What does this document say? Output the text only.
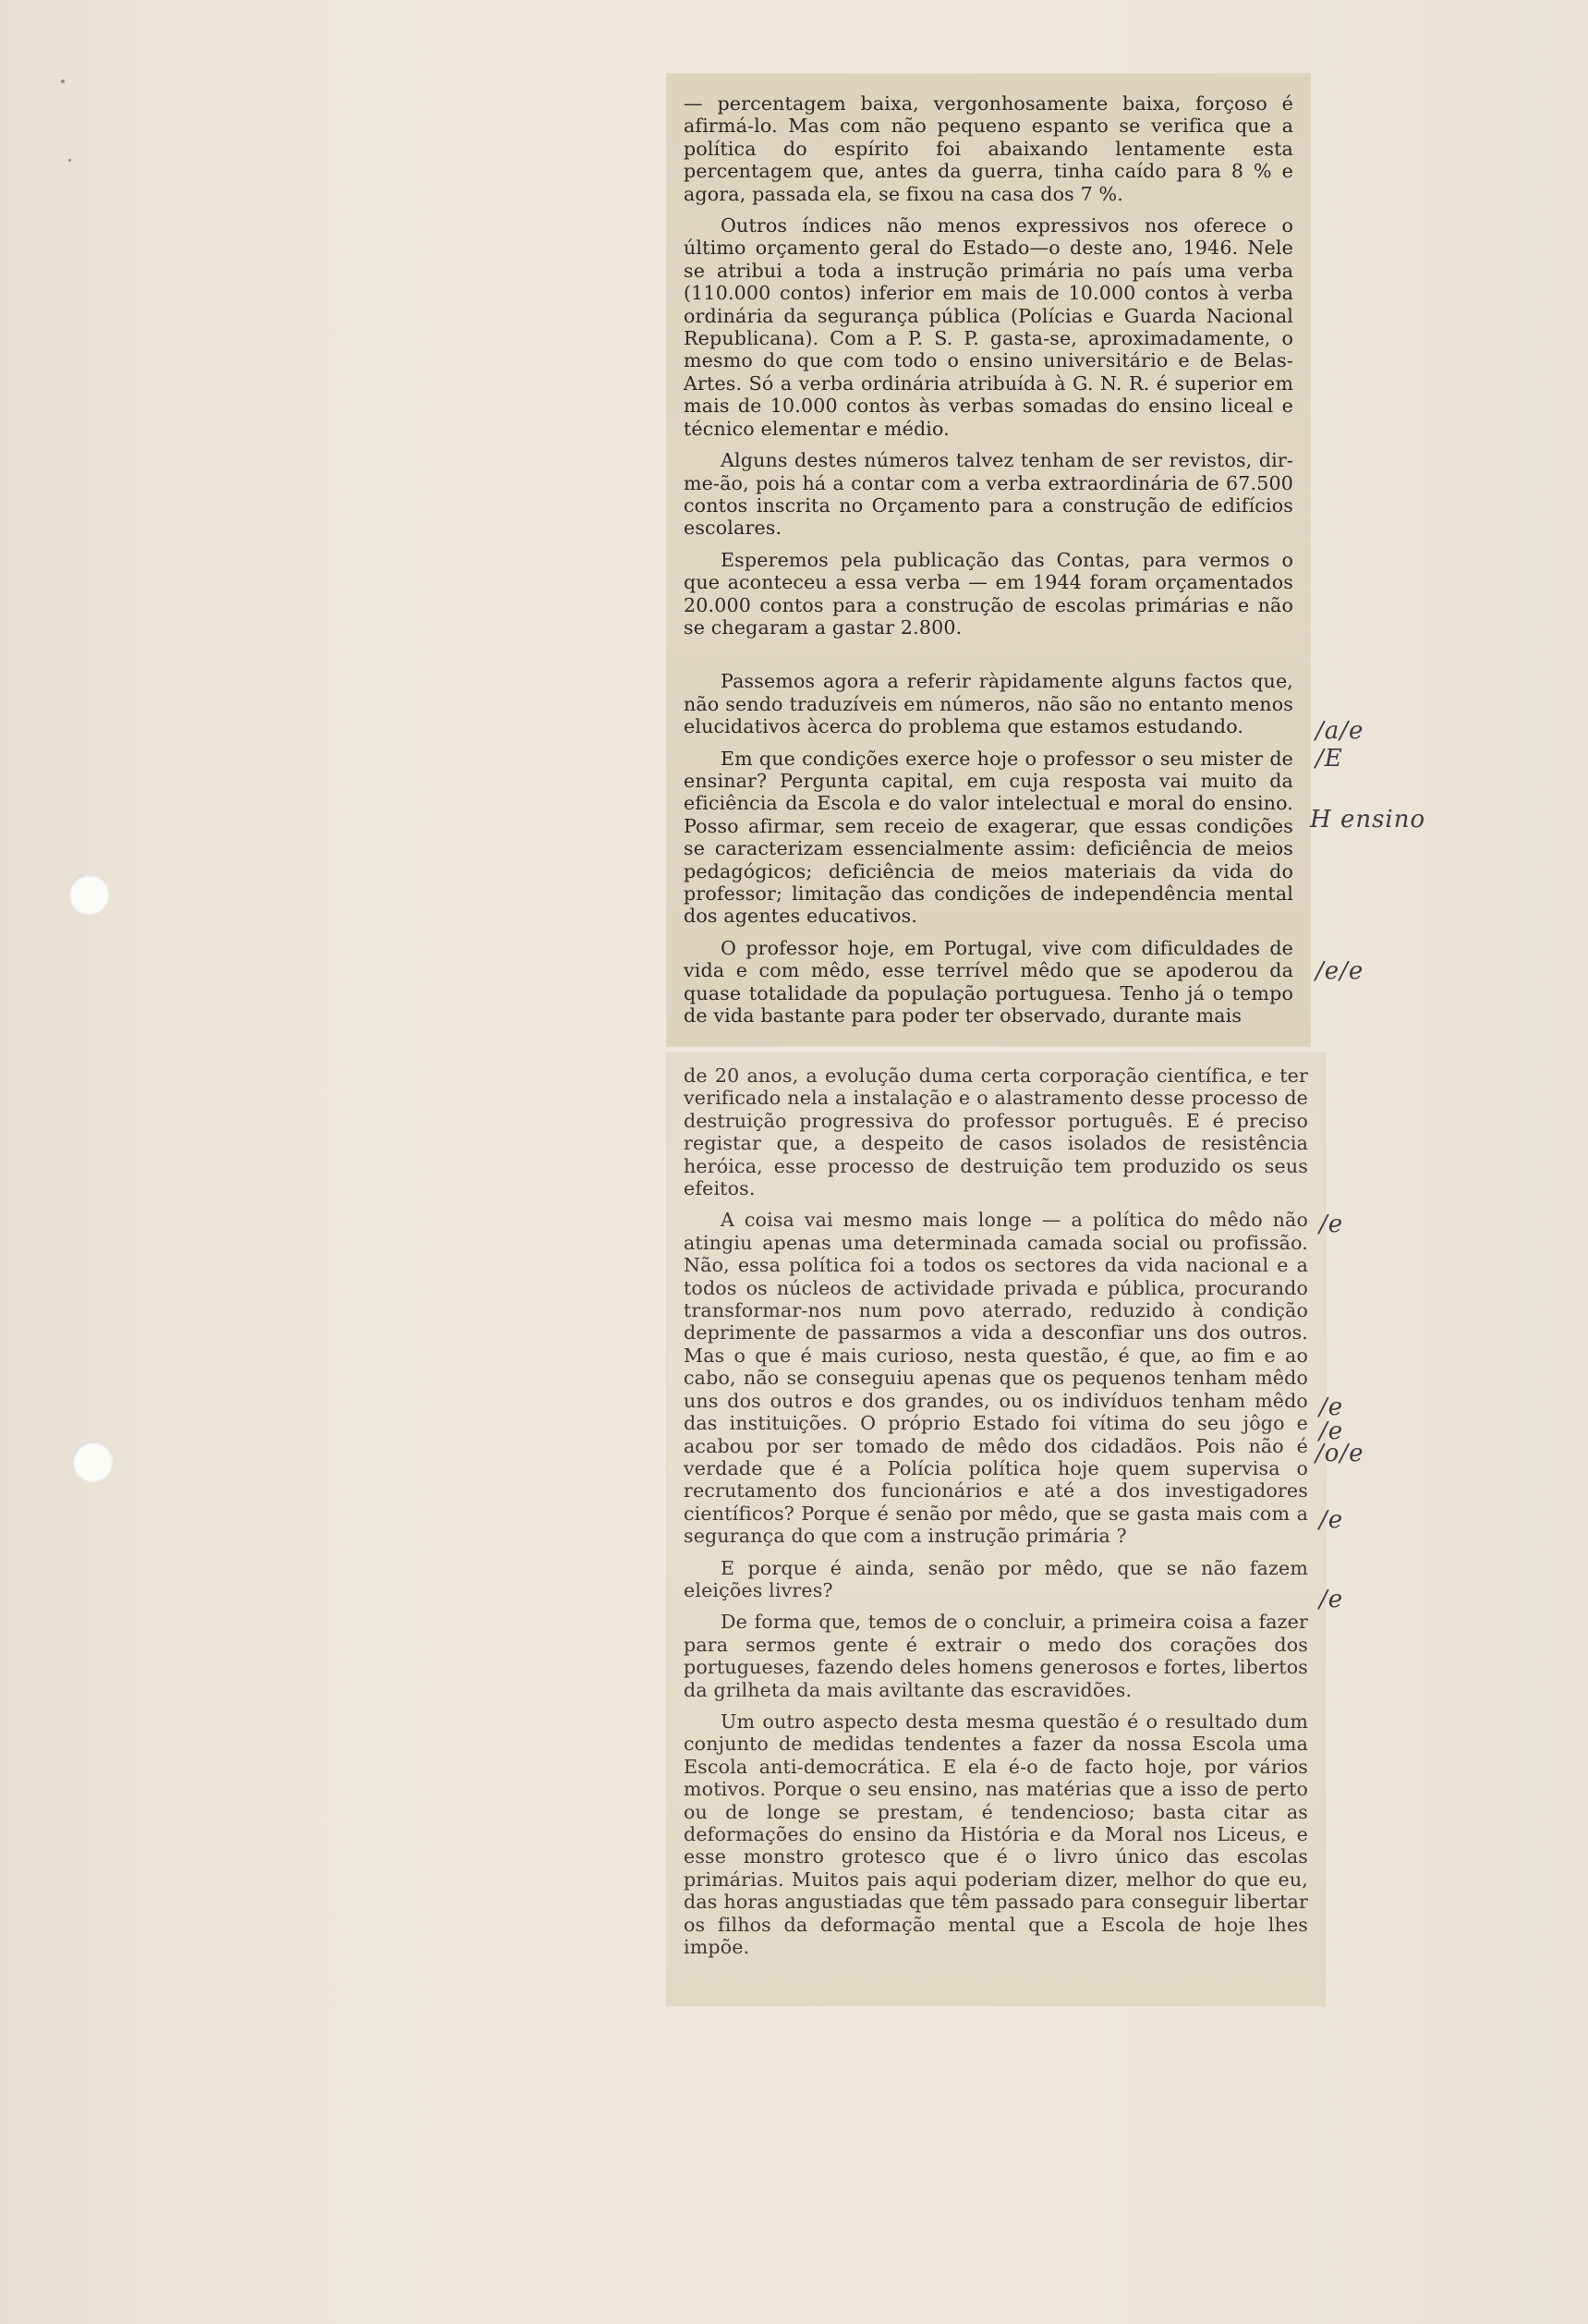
— percentagem baixa, vergonhosamente baixa, forçoso é afirmá-lo. Mas com não pequeno espanto se verifica que a política do espírito foi abaixando lentamente esta percentagem que, antes da guerra, tinha caído para 8 % e agora, passada ela, se fixou na casa dos 7 %.

Outros índices não menos expressivos nos oferece o último orçamento geral do Estado—o deste ano, 1946. Nele se atribui a toda a instrução primária no país uma verba (110.000 contos) inferior em mais de 10.000 contos à verba ordinária da segurança pública (Polícias e Guarda Nacional Republicana). Com a P. S. P. gasta-se, aproximadamente, o mesmo do que com todo o ensino universitário e de Belas-Artes. Só a verba ordinária atribuída à G. N. R. é superior em mais de 10.000 contos às verbas somadas do ensino liceal e técnico elementar e médio.

Alguns destes números talvez tenham de ser revistos, dir-me-ão, pois há a contar com a verba extraordinária de 67.500 contos inscrita no Orçamento para a construção de edifícios escolares.

Esperemos pela publicação das Contas, para vermos o que aconteceu a essa verba — em 1944 foram orçamentados 20.000 contos para a construção de escolas primárias e não se chegaram a gastar 2.800.

Passemos agora a referir ràpidamente alguns factos que, não sendo traduzíveis em números, não são no entanto menos elucidativos àcerca do problema que estamos estudando.

Em que condições exerce hoje o professor o seu mister de ensinar? Pergunta capital, em cuja resposta vai muito da eficiência da Escola e do valor intelectual e moral do ensino. Posso afirmar, sem receio de exagerar, que essas condições se caracterizam essencialmente assim: deficiência de meios pedagógicos; deficiência de meios materiais da vida do professor; limitação das condições de independência mental dos agentes educativos.

O professor hoje, em Portugal, vive com dificuldades de vida e com mêdo, esse terrível mêdo que se apoderou da quase totalidade da população portuguesa. Tenho já o tempo de vida bastante para poder ter observado, durante mais

de 20 anos, a evolução duma certa corporação científica, e ter verificado nela a instalação e o alastramento desse processo de destruição progressiva do professor português. E é preciso registar que, a despeito de casos isolados de resistência heróica, esse processo de destruição tem produzido os seus efeitos.

A coisa vai mesmo mais longe — a política do mêdo não atingiu apenas uma determinada camada social ou profissão. Não, essa política foi a todos os sectores da vida nacional e a todos os núcleos de actividade privada e pública, procurando transformar-nos num povo aterrado, reduzido à condição deprimente de passarmos a vida a desconfiar uns dos outros. Mas o que é mais curioso, nesta questão, é que, ao fim e ao cabo, não se conseguiu apenas que os pequenos tenham mêdo uns dos outros e dos grandes, ou os indivíduos tenham mêdo das instituições. O próprio Estado foi vítima do seu jôgo e acabou por ser tomado de mêdo dos cidadãos. Pois não é verdade que é a Polícia política hoje quem supervisa o recrutamento dos funcionários e até a dos investigadores científicos? Porque é senão por mêdo, que se gasta mais com a segurança do que com a instrução primária ?

E porque é ainda, senão por mêdo, que se não fazem eleições livres?

De forma que, temos de o concluir, a primeira coisa a fazer para sermos gente é extrair o medo dos corações dos portugueses, fazendo deles homens generosos e fortes, libertos da grilheta da mais aviltante das escravidões.

Um outro aspecto desta mesma questão é o resultado dum conjunto de medidas tendentes a fazer da nossa Escola uma Escola anti-democrática. E ela é-o de facto hoje, por vários motivos. Porque o seu ensino, nas matérias que a isso de perto ou de longe se prestam, é tendencioso; basta citar as deformações do ensino da História e da Moral nos Liceus, e esse monstro grotesco que é o livro único das escolas primárias. Muitos pais aqui poderiam dizer, melhor do que eu, das horas angustiadas que têm passado para conseguir libertar os filhos da deformação mental que a Escola de hoje lhes impõe.

/a/e
/E
H ensino
/e/e
/e
/e
/e
/o/e
/e
/e
